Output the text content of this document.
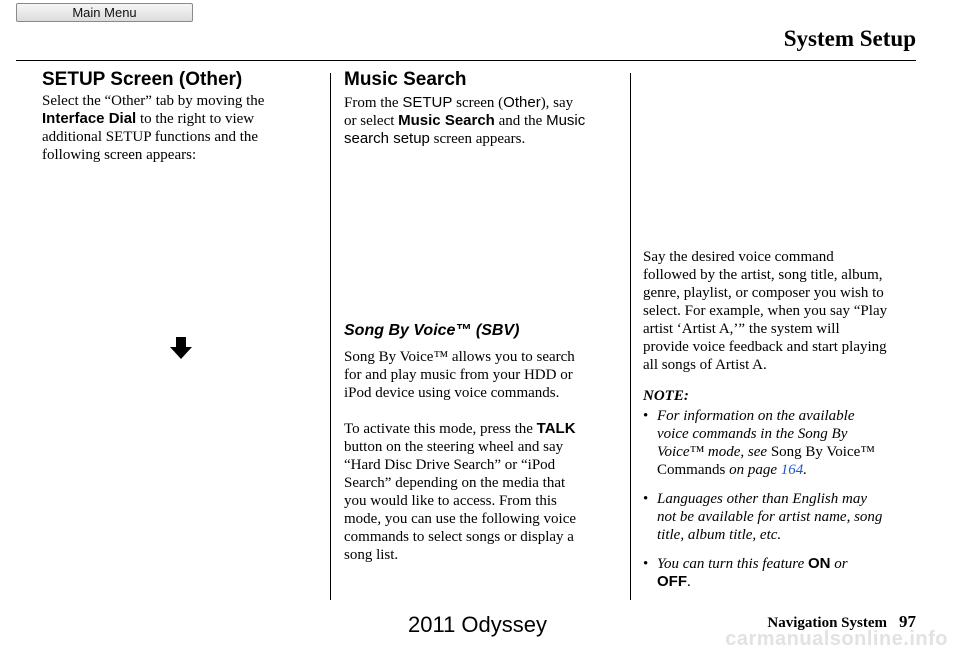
Main Menu
System Setup
SETUP Screen (Other)

Select the “Other” tab by moving the
Interface Dial to the right to view
additional SETUP functions and the
following screen appears:

Music Search

From the SETUP screen (Other), say
or select Music Search and the Music
search setup screen appears.

Song By Voice™ (SBV)

Song By Voice™ allows you to search
for and play music from your HDD or
iPod device using voice commands.

To activate this mode, press the TALK
button on the steering wheel and say
“Hard Disc Drive Search” or “iPod
Search” depending on the media that
you would like to access. From this
mode, you can use the following voice
commands to select songs or display a
song list.

Say the desired voice command
followed by the artist, song title, album,
genre, playlist, or composer you wish to
select. For example, when you say “Play
artist ‘Artist A,’” the system will
provide voice feedback and start playing
all songs of Artist A.

NOTE:

• For information on the available
voice commands in the Song By
Voice™ mode, see Song By Voice™
Commands on page 164.
• Languages other than English may
not be available for artist name, song
title, album title, etc.
• You can turn this feature ON or
OFF.
Navigation System 97
2011 Odyssey
carmanualsonline.info
